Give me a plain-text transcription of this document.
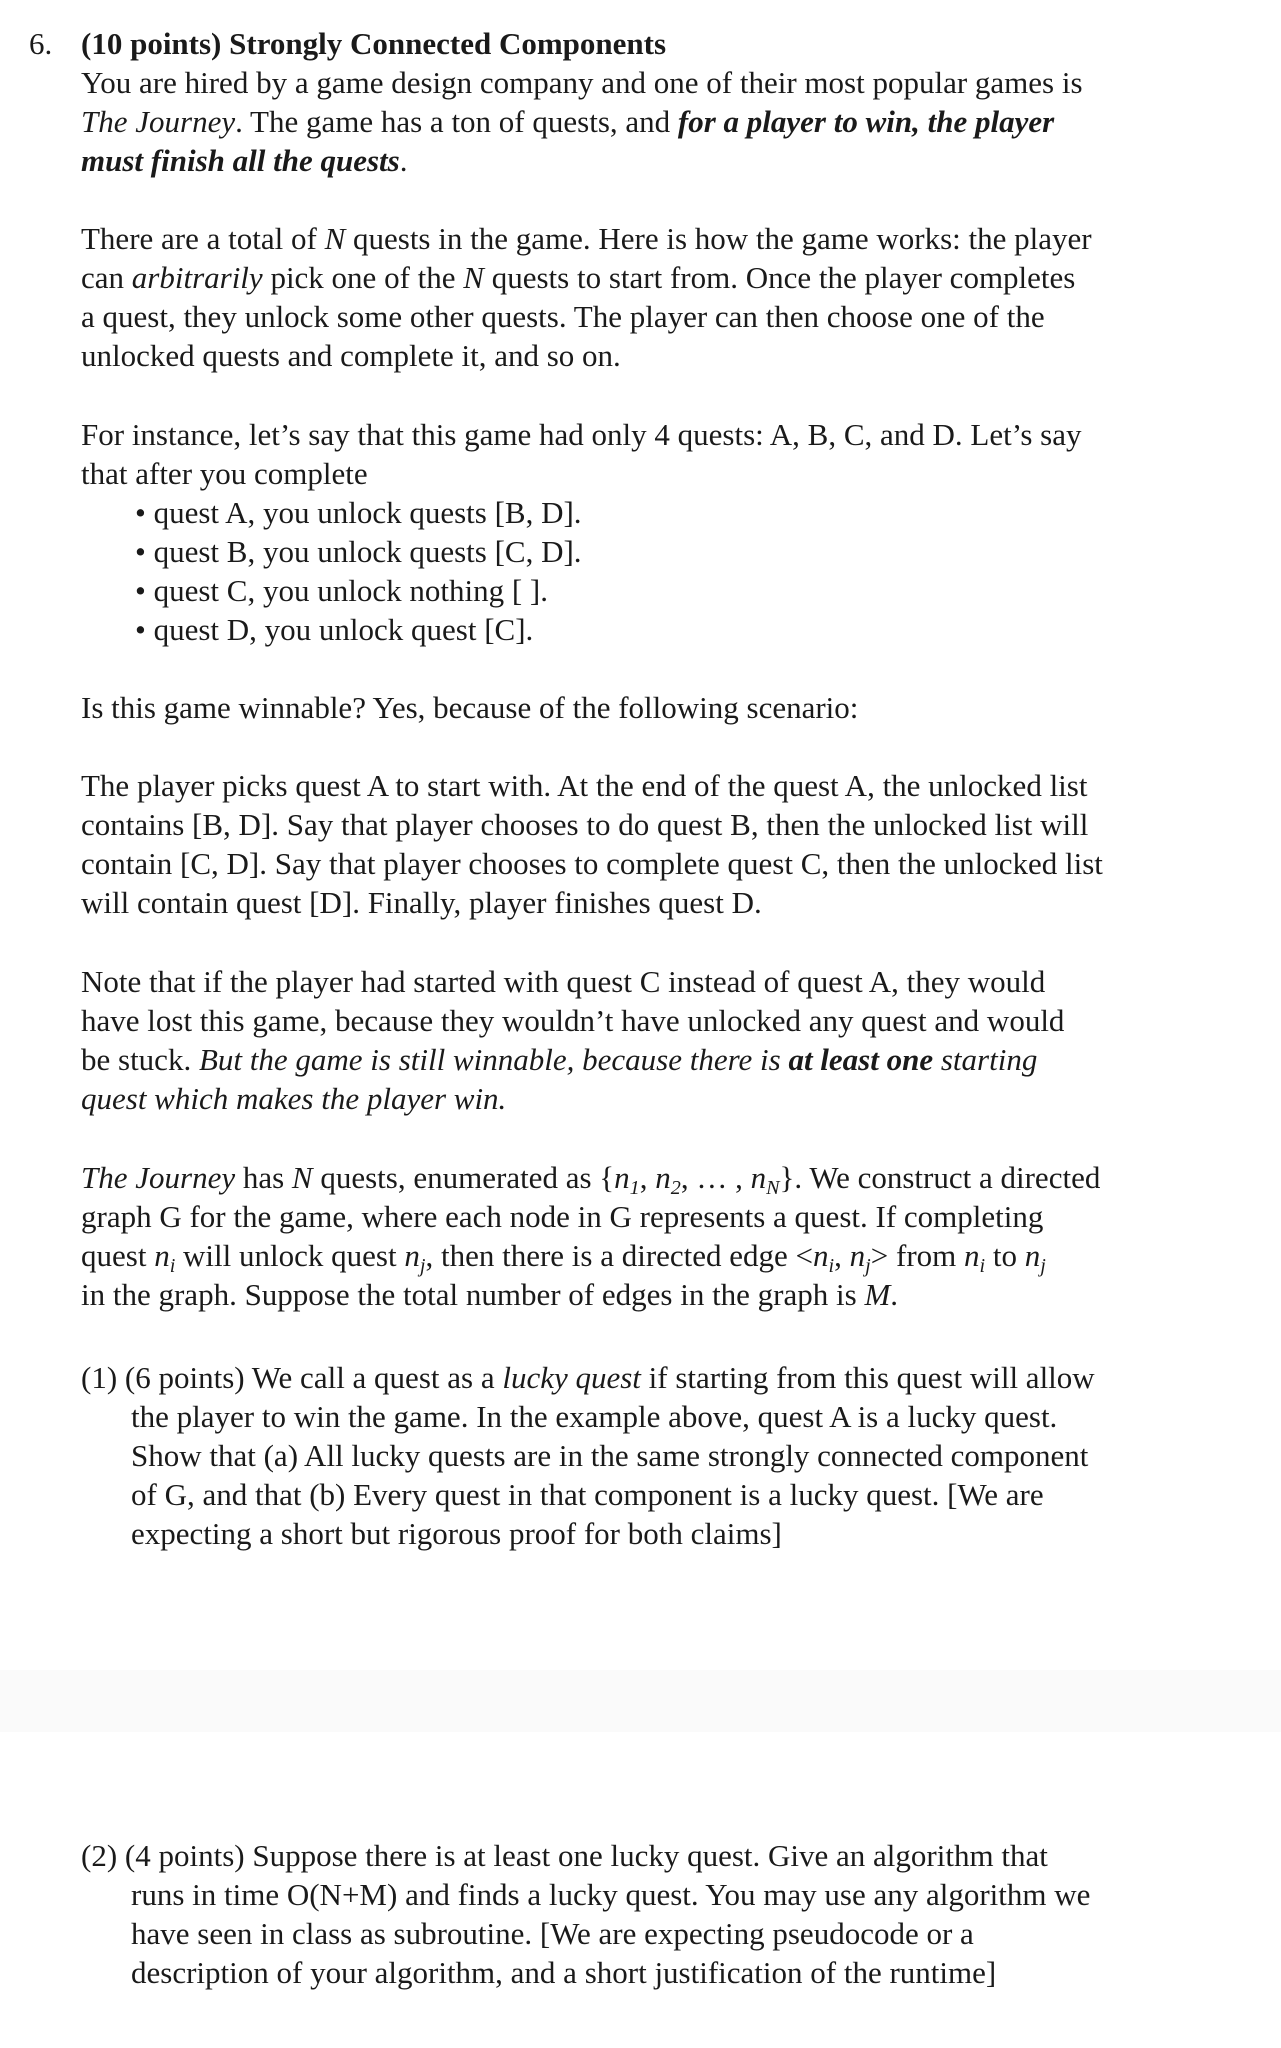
6. (10 points) Strongly Connected Components
You are hired by a game design company and one of their most popular games is
The Journey. The game has a ton of quests, and for a player to win, the player
must finish all the quests.
There are a total of N quests in the game. Here is how the game works: the player
can arbitrarily pick one of the N quests to start from. Once the player completes
a quest, they unlock some other quests. The player can then choose one of the
unlocked quests and complete it, and so on.
For instance, let’s say that this game had only 4 quests: A, B, C, and D. Let’s say
that after you complete
• quest A, you unlock quests [B, D].
• quest B, you unlock quests [C, D].
• quest C, you unlock nothing [ ].
• quest D, you unlock quest [C].
Is this game winnable? Yes, because of the following scenario:
The player picks quest A to start with. At the end of the quest A, the unlocked list
contains [B, D]. Say that player chooses to do quest B, then the unlocked list will
contain [C, D]. Say that player chooses to complete quest C, then the unlocked list
will contain quest [D]. Finally, player finishes quest D.
Note that if the player had started with quest C instead of quest A, they would
have lost this game, because they wouldn’t have unlocked any quest and would
be stuck. But the game is still winnable, because there is at least one starting
quest which makes the player win.
The Journey has N quests, enumerated as {$n_1$, $n_2$, … , $n_N$}. We construct a directed
graph G for the game, where each node in G represents a quest. If completing
quest $n_i$ will unlock quest $n_j$, then there is a directed edge $<n_i$, $n_j>$ from $n_i$ to $n_j$
in the graph. Suppose the total number of edges in the graph is M.
(1) (6 points) We call a quest as a lucky quest if starting from this quest will allow
the player to win the game. In the example above, quest A is a lucky quest.
Show that (a) All lucky quests are in the same strongly connected component
of G, and that (b) Every quest in that component is a lucky quest. [We are
expecting a short but rigorous proof for both claims]
(2) (4 points) Suppose there is at least one lucky quest. Give an algorithm that
runs in time O(N+M) and finds a lucky quest. You may use any algorithm we
have seen in class as subroutine. [We are expecting pseudocode or a
description of your algorithm, and a short justification of the runtime]
